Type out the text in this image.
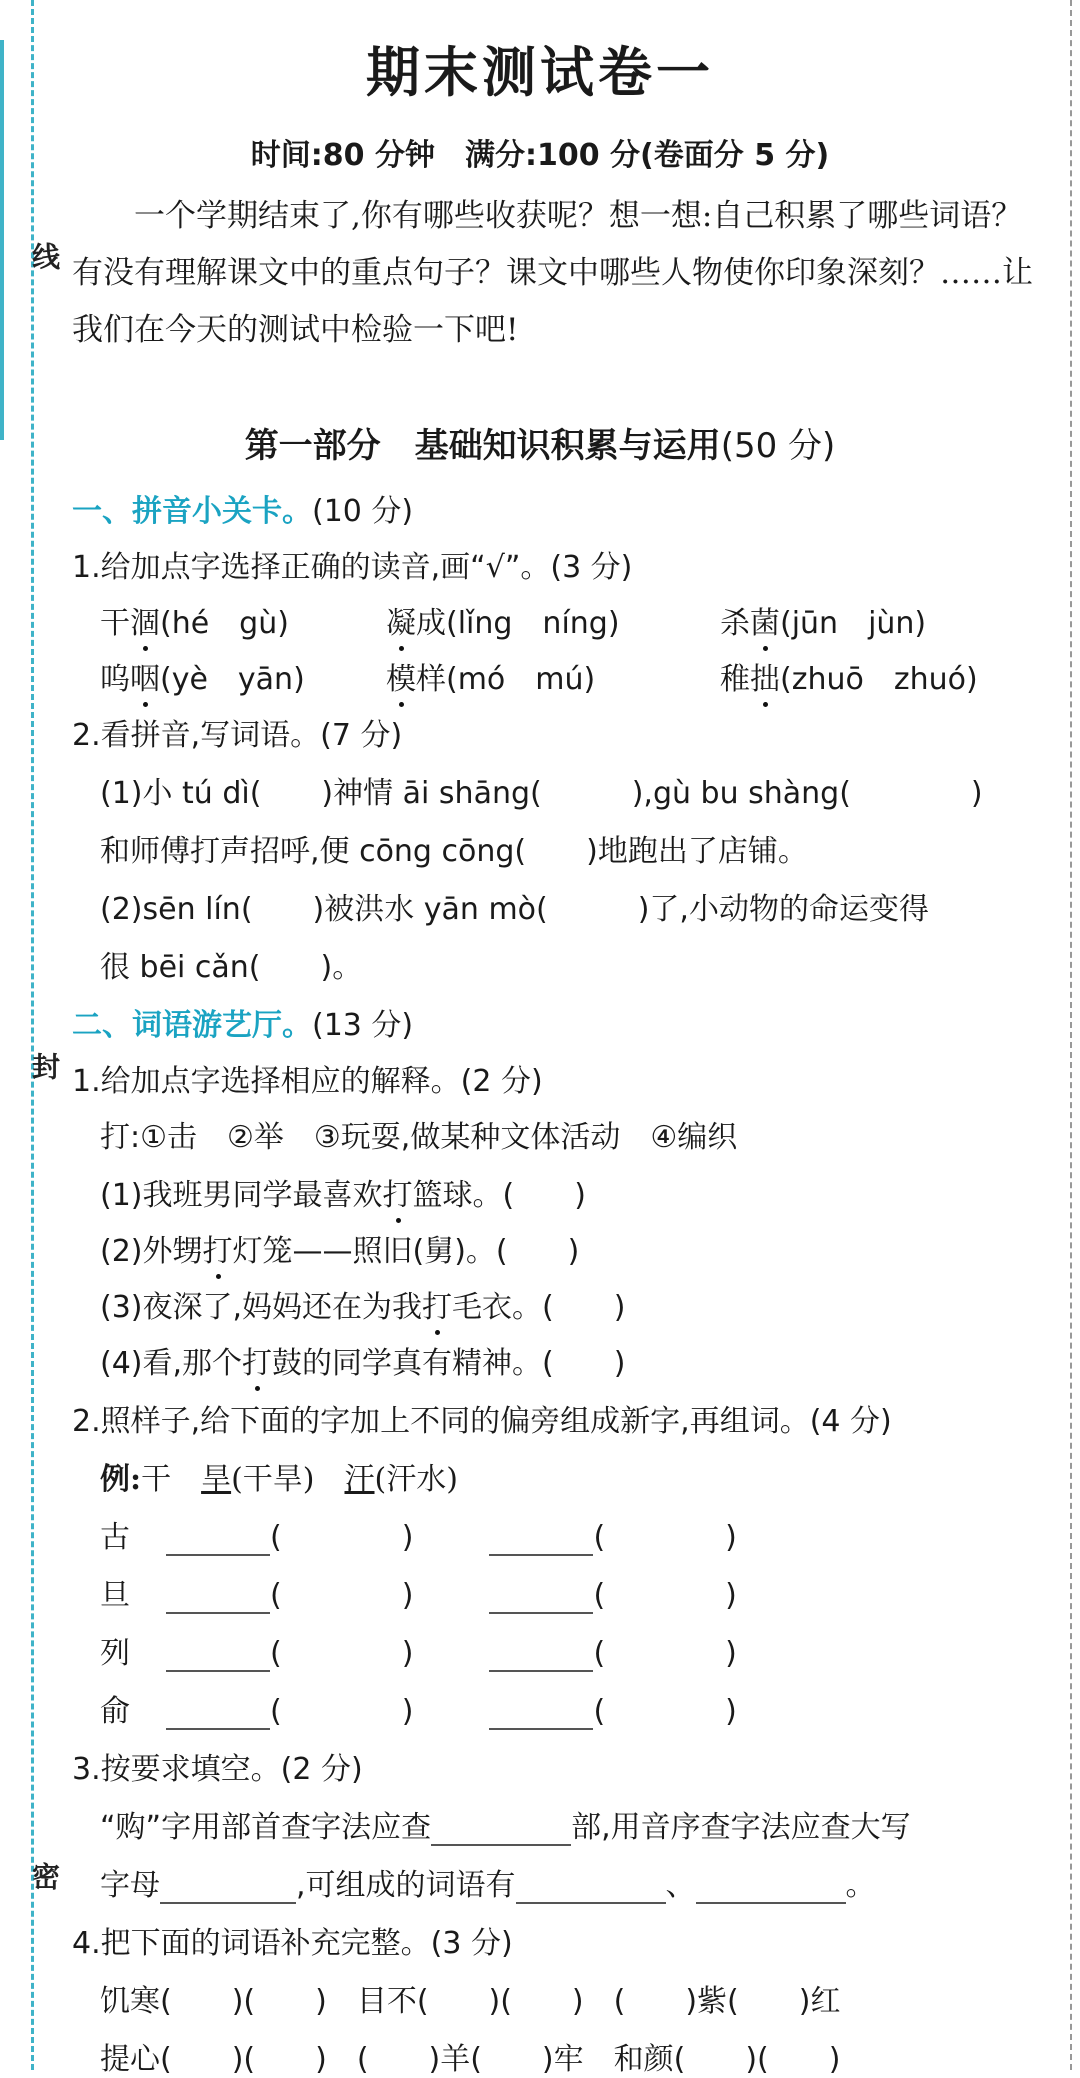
线
封
密
期末测试卷一
时间:80 分钟　满分:100 分(卷面分 5 分)
一个学期结束了,你有哪些收获呢？想一想:自己积累了哪些词语？有没有理解课文中的重点句子？课文中哪些人物使你印象深刻？……让我们在今天的测试中检验一下吧!
第一部分　基础知识积累与运用(50 分)
一、拼音小关卡。(10 分)
1.给加点字选择正确的读音,画“√”。(3 分)
干涸(hé　gù)	凝成(lǐng　níng)	杀菌(jūn　jùn)
呜咽(yè　yān)	模样(mó　mú)	稚拙(zhuō　zhuó)
2.看拼音,写词语。(7 分)
(1)小 tú dì(　　)神情 āi shāng(　　　),gù bu shàng(　　　　)
和师傅打声招呼,便 cōng cōng(　　)地跑出了店铺。
(2)sēn lín(　　)被洪水 yān mò(　　　)了,小动物的命运变得
很 bēi cǎn(　　)。
二、词语游艺厅。(13 分)
1.给加点字选择相应的解释。(2 分)
打:①击　②举　③玩耍,做某种文体活动　④编织
(1)我班男同学最喜欢打篮球。(　　)
(2)外甥打灯笼——照旧(舅)。(　　)
(3)夜深了,妈妈还在为我打毛衣。(　　)
(4)看,那个打鼓的同学真有精神。(　　)
2.照样子,给下面的字加上不同的偏旁组成新字,再组词。(4 分)
例:干　 旱(干旱)　 汗(汗水)
古	(	)	(	)
旦	(	)	(	)
列	(	)	(	)
俞	(	)	(	)
3.按要求填空。(2 分)
“购”字用部首查字法应查	部,用音序查字法应查大写
字母	,可组成的词语有	、	。
4.把下面的词语补充完整。(3 分)
饥寒(　　)(　　)　目不(　　)(　　)　(　　)紫(　　)红
提心(　　)(　　)　(　　)羊(　　)牢　和颜(　　)(　　)
